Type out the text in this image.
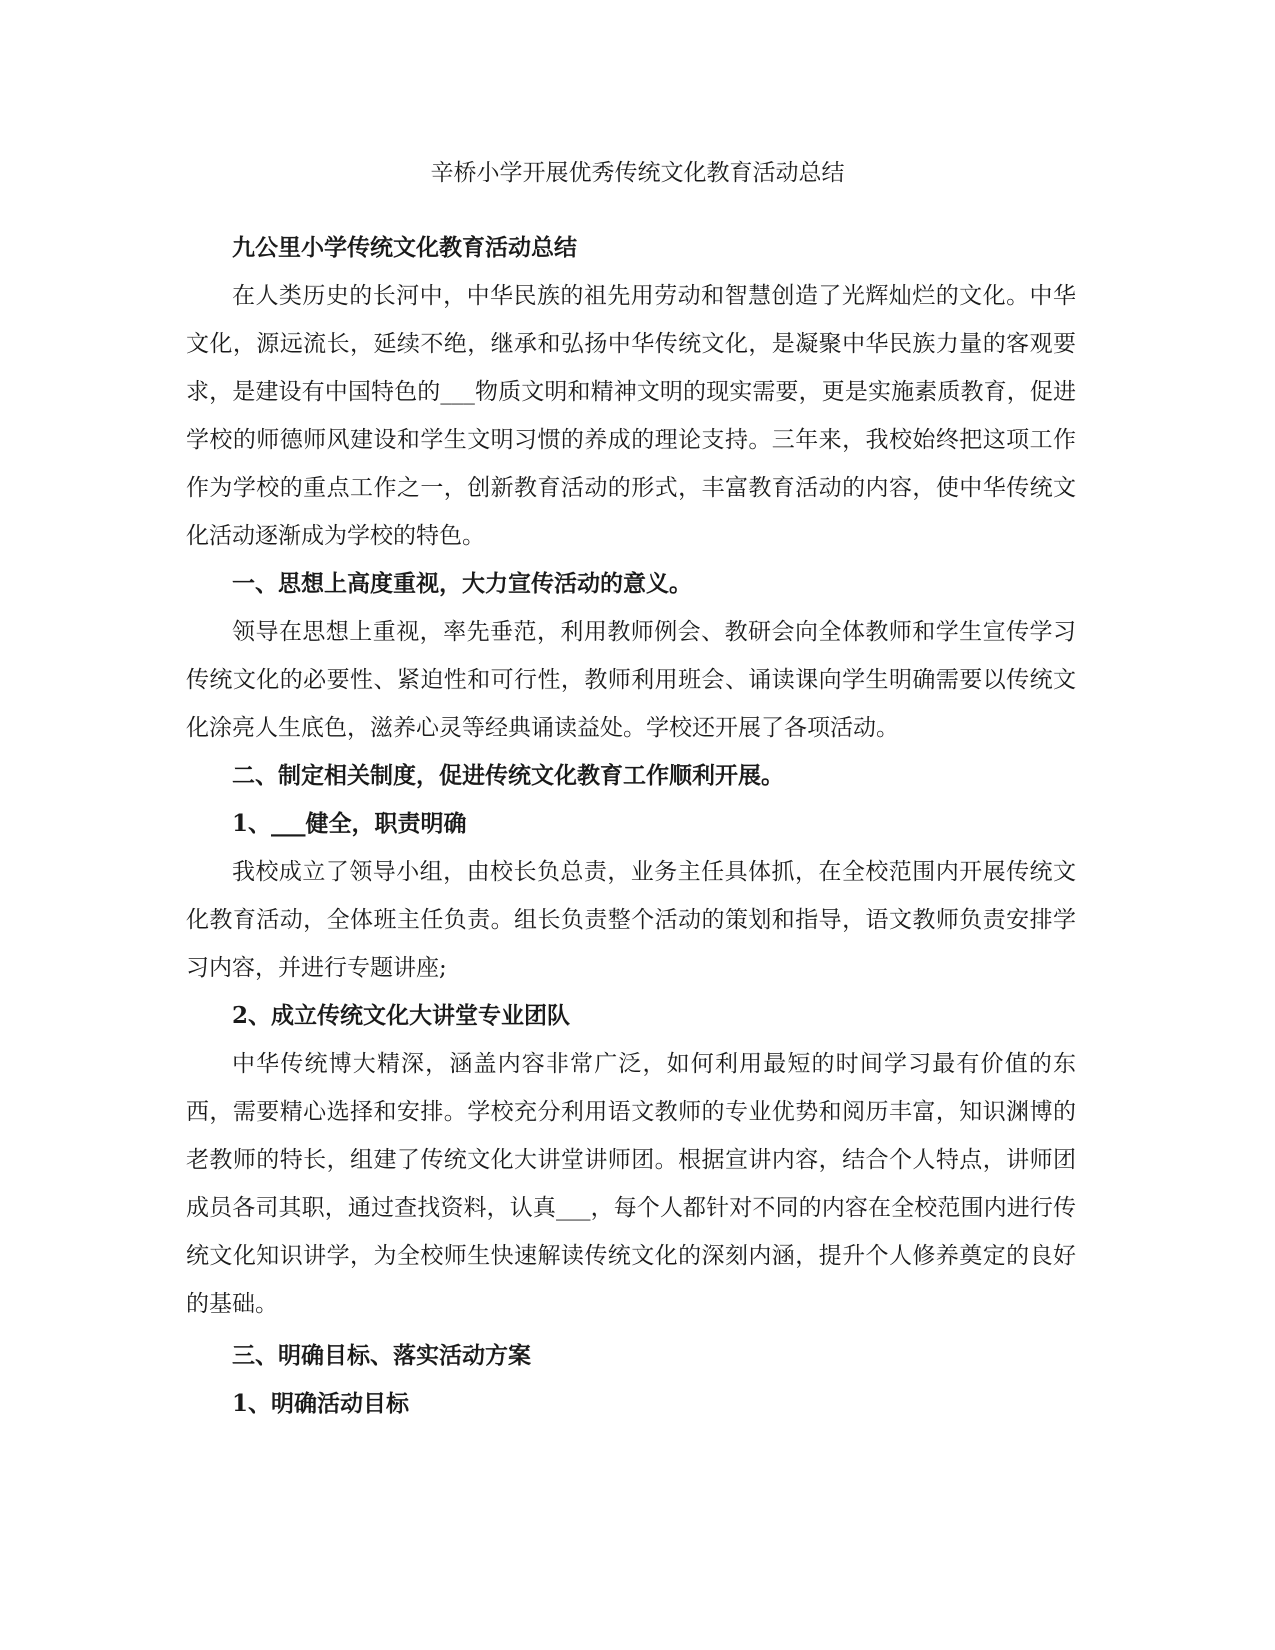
辛桥小学开展优秀传统文化教育活动总结

九公里小学传统文化教育活动总结

在人类历史的长河中，中华民族的祖先用劳动和智慧创造了光辉灿烂的文化。中华文化，源远流长，延续不绝，继承和弘扬中华传统文化，是凝聚中华民族力量的客观要求，是建设有中国特色的___物质文明和精神文明的现实需要，更是实施素质教育，促进学校的师德师风建设和学生文明习惯的养成的理论支持。三年来，我校始终把这项工作作为学校的重点工作之一，创新教育活动的形式，丰富教育活动的内容，使中华传统文化活动逐渐成为学校的特色。

一、思想上高度重视，大力宣传活动的意义。

领导在思想上重视，率先垂范，利用教师例会、教研会向全体教师和学生宣传学习传统文化的必要性、紧迫性和可行性，教师利用班会、诵读课向学生明确需要以传统文化涂亮人生底色，滋养心灵等经典诵读益处。学校还开展了各项活动。

二、制定相关制度，促进传统文化教育工作顺利开展。

1、___健全，职责明确

我校成立了领导小组，由校长负总责，业务主任具体抓，在全校范围内开展传统文化教育活动，全体班主任负责。组长负责整个活动的策划和指导，语文教师负责安排学习内容，并进行专题讲座;

2、成立传统文化大讲堂专业团队

中华传统博大精深，涵盖内容非常广泛，如何利用最短的时间学习最有价值的东西，需要精心选择和安排。学校充分利用语文教师的专业优势和阅历丰富，知识渊博的老教师的特长，组建了传统文化大讲堂讲师团。根据宣讲内容，结合个人特点，讲师团成员各司其职，通过查找资料，认真___，每个人都针对不同的内容在全校范围内进行传统文化知识讲学，为全校师生快速解读传统文化的深刻内涵，提升个人修养奠定的良好的基础。

三、明确目标、落实活动方案

1、明确活动目标
